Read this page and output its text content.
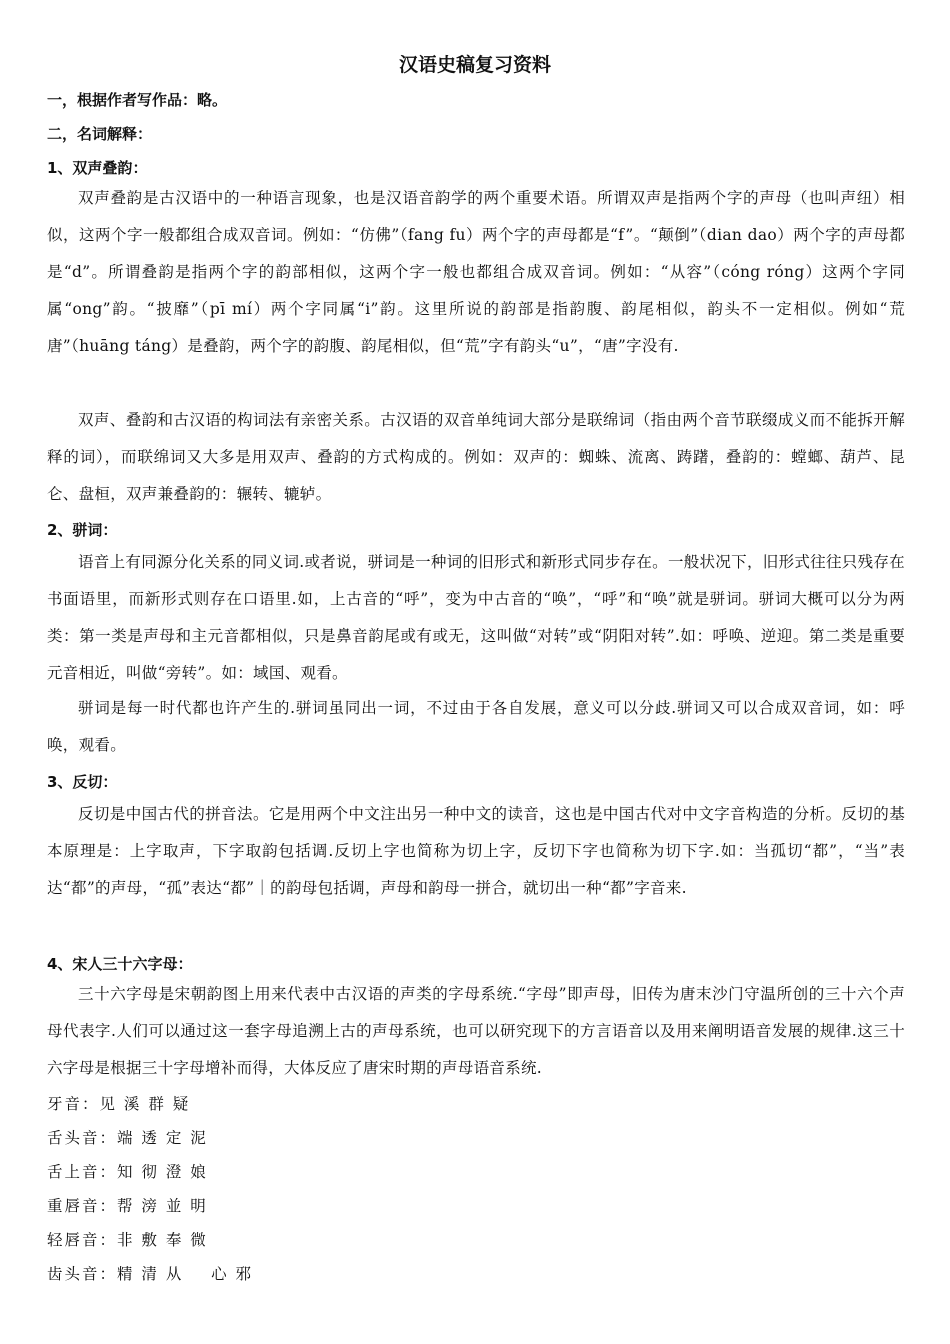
汉语史稿复习资料
一，根据作者写作品：略。
二，名词解释：
1、双声叠韵：

双声叠韵是古汉语中的一种语言现象，也是汉语音韵学的两个重要术语。所谓双声是指两个字的声母（也叫声纽）相似，这两个字一般都组合成双音词。例如：“仿佛”（fang fu）两个字的声母都是“f”。“颠倒”（dian dao）两个字的声母都是“d”。所谓叠韵是指两个字的韵部相似，这两个字一般也都组合成双音词。例如：“从容”（cóng róng）这两个字同属“ong”韵。“披靡”（pī mí）两个字同属“i”韵。这里所说的韵部是指韵腹、韵尾相似，韵头不一定相似。例如“荒唐”（huāng táng）是叠韵，两个字的韵腹、韵尾相似，但“荒”字有韵头“u”，“唐”字没有.

双声、叠韵和古汉语的构词法有亲密关系。古汉语的双音单纯词大部分是联绵词（指由两个音节联缀成义而不能拆开解释的词），而联绵词又大多是用双声、叠韵的方式构成的。例如：双声的：蜘蛛、流离、踌躇，叠韵的：螳螂、葫芦、昆仑、盘桓，双声兼叠韵的：辗转、辘轳。

2、骈词：

语音上有同源分化关系的同义词.或者说，骈词是一种词的旧形式和新形式同步存在。一般状况下，旧形式往往只残存在书面语里，而新形式则存在口语里.如，上古音的“呼”，变为中古音的“唤”，“呼”和“唤”就是骈词。骈词大概可以分为两类：第一类是声母和主元音都相似，只是鼻音韵尾或有或无，这叫做“对转”或“阴阳对转”.如：呼唤、逆迎。第二类是重要元音相近，叫做“旁转”。如：域国、观看。

骈词是每一时代都也许产生的.骈词虽同出一词，不过由于各自发展，意义可以分歧.骈词又可以合成双音词，如：呼唤，观看。

3、反切：

反切是中国古代的拼音法。它是用两个中文注出另一种中文的读音，这也是中国古代对中文字音构造的分析。反切的基本原理是：上字取声，下字取韵包括调.反切上字也简称为切上字，反切下字也简称为切下字.如：当孤切“都”，“当”表达“都”的声母，“孤”表达“都”｜的韵母包括调，声母和韵母一拼合，就切出一种“都”字音来.

4、宋人三十六字母：

三十六字母是宋朝韵图上用来代表中古汉语的声类的字母系统.“字母”即声母，旧传为唐末沙门守温所创的三十六个声母代表字.人们可以通过这一套字母追溯上古的声母系统，也可以研究现下的方言语音以及用来阐明语音发展的规律.这三十六字母是根据三十字母增补而得，大体反应了唐宋时期的声母语音系统.

牙音：见 溪 群 疑
舌头音：端 透 定 泥
舌上音：知 彻 澄 娘
重唇音：帮 滂 並 明
轻唇音：非 敷 奉 微
齿头音：精 清 从    心 邪
